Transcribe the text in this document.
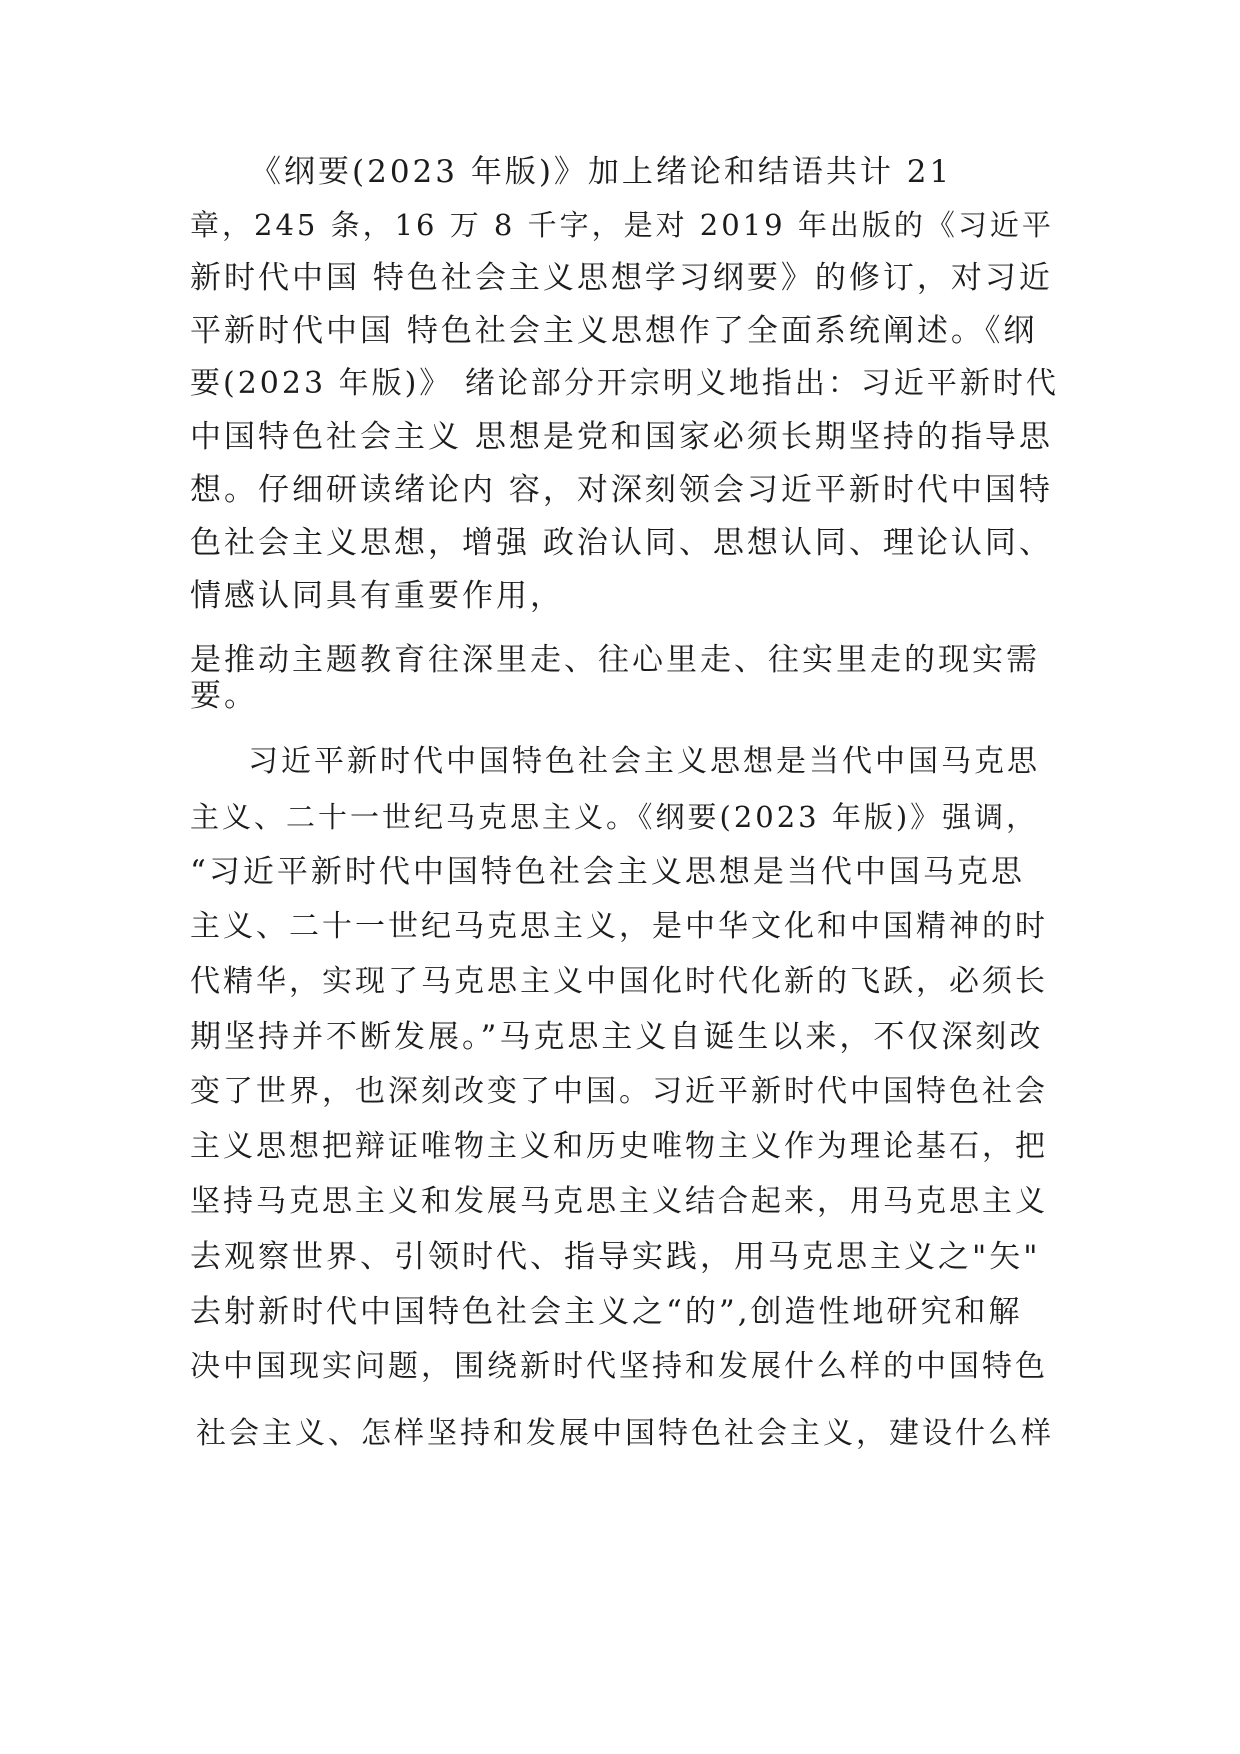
《纲要(2023 年版)》加上绪论和结语共计 21
章，245 条，16 万 8 千字，是对 2019 年出版的《习近平
新时代中国 特色社会主义思想学习纲要》的修订，对习近
平新时代中国 特色社会主义思想作了全面系统阐述。《纲
要(2023 年版)》 绪论部分开宗明义地指出：习近平新时代
中国特色社会主义 思想是党和国家必须长期坚持的指导思
想。仔细研读绪论内 容，对深刻领会习近平新时代中国特
色社会主义思想，增强 政治认同、思想认同、理论认同、
情感认同具有重要作用，
是推动主题教育往深里走、往心里走、往实里走的现实需
要。
习近平新时代中国特色社会主义思想是当代中国马克思
主义、二十一世纪马克思主义。《纲要(2023 年版)》强调，
“习近平新时代中国特色社会主义思想是当代中国马克思
主义、二十一世纪马克思主义，是中华文化和中国精神的时
代精华，实现了马克思主义中国化时代化新的飞跃，必须长
期坚持并不断发展。”马克思主义自诞生以来，不仅深刻改
变了世界，也深刻改变了中国。习近平新时代中国特色社会
主义思想把辩证唯物主义和历史唯物主义作为理论基石，把
坚持马克思主义和发展马克思主义结合起来，用马克思主义
去观察世界、引领时代、指导实践，用马克思主义之"矢"
去射新时代中国特色社会主义之“的”,创造性地研究和解
决中国现实问题，围绕新时代坚持和发展什么样的中国特色
社会主义、怎样坚持和发展中国特色社会主义，建设什么样
